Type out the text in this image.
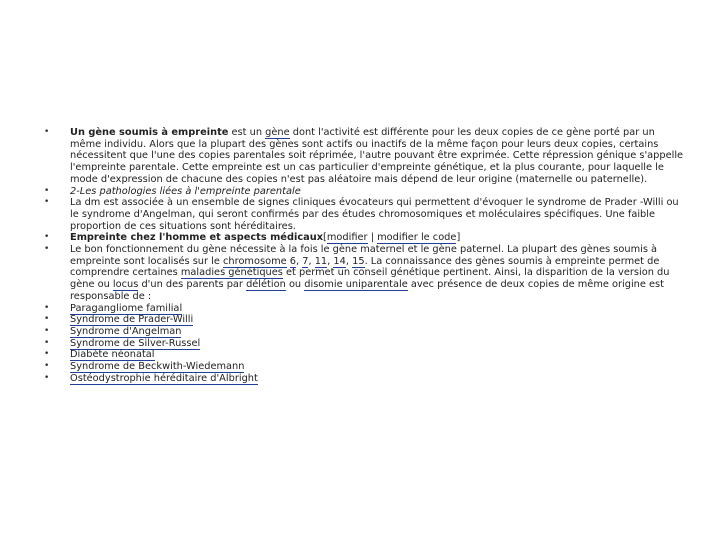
• Un gène soumis à empreinte est un gène dont l'activité est différente pour les deux copies de ce gène porté par un même individu. Alors que la plupart des gènes sont actifs ou inactifs de la même façon pour leurs deux copies, certains nécessitent que l'une des copies parentales soit réprimée, l'autre pouvant être exprimée. Cette répression génique s'appelle l'empreinte parentale. Cette empreinte est un cas particulier d'empreinte génétique, et la plus courante, pour laquelle le mode d'expression de chacune des copies n'est pas aléatoire mais dépend de leur origine (maternelle ou paternelle).
• 2-Les pathologies liées à l'empreinte parentale
• La dm est associée à un ensemble de signes cliniques évocateurs qui permettent d'évoquer le syndrome de Prader -Willi ou le syndrome d'Angelman, qui seront confirmés par des études chromosomiques et moléculaires spécifiques. Une faible proportion de ces situations sont héréditaires.
• Empreinte chez l'homme et aspects médicaux[modifier | modifier le code]
• Le bon fonctionnement du gène nécessite à la fois le gène maternel et le gène paternel. La plupart des gènes soumis à empreinte sont localisés sur le chromosome 6, 7, 11, 14, 15. La connaissance des gènes soumis à empreinte permet de comprendre certaines maladies génétiques et permet un conseil génétique pertinent. Ainsi, la disparition de la version du gène ou locus d'un des parents par délétion ou disomie uniparentale avec présence de deux copies de même origine est responsable de :
• Paragangliome familial
• Syndrome de Prader-Willi
• Syndrome d'Angelman
• Syndrome de Silver-Russel
• Diabète néonatal
• Syndrome de Beckwith-Wiedemann
• Ostéodystrophie héréditaire d'Albright
